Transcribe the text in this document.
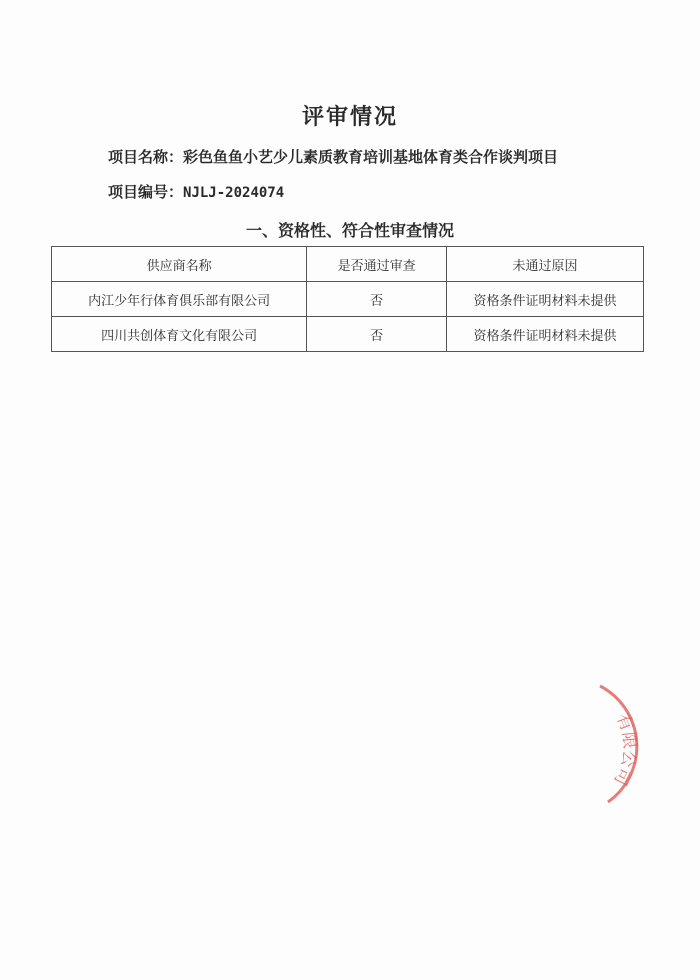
评审情况
项目名称：彩色鱼鱼小艺少儿素质教育培训基地体育类合作谈判项目
项目编号：NJLJ-2024074
一、资格性、符合性审查情况
供应商名称	是否通过审查	未通过原因
内江少年行体育俱乐部有限公司	否	资格条件证明材料未提供
四川共创体育文化有限公司	否	资格条件证明材料未提供
有限公司
